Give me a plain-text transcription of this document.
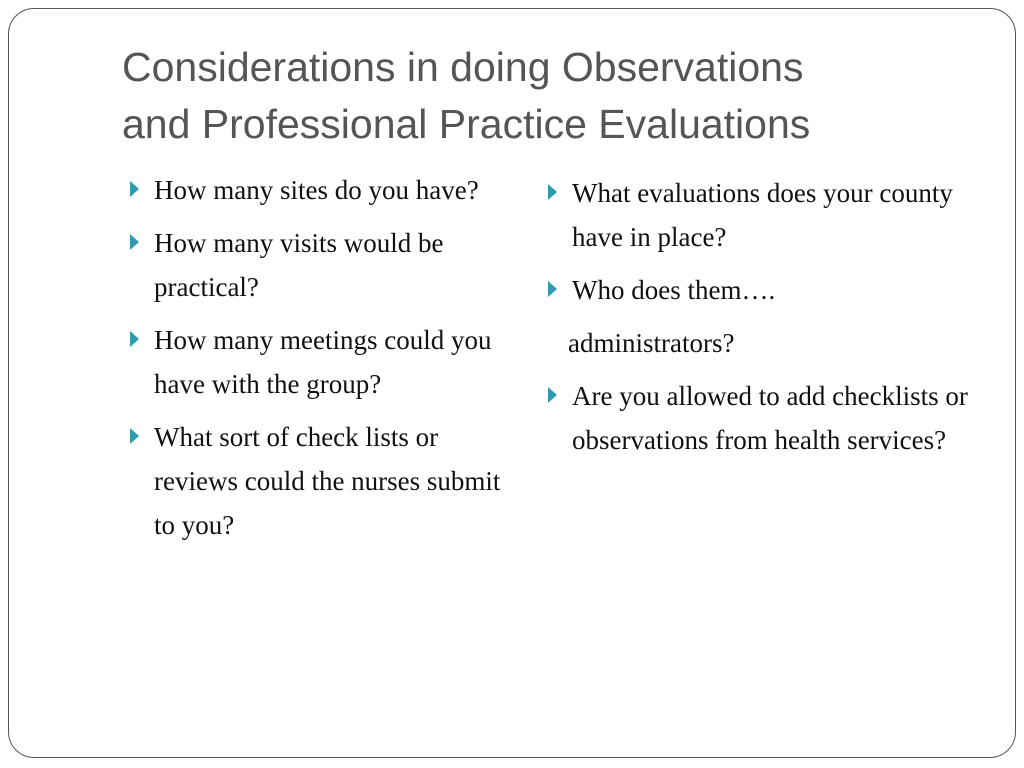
Considerations in doing Observations
and Professional Practice Evaluations
How many sites do you have?
How many visits would be practical?
How many meetings could you have with the group?
What sort of check lists or reviews could the nurses submit to you?
What evaluations does your county have in place?
Who does them….
administrators?
Are you allowed to add checklists or observations from health services?
